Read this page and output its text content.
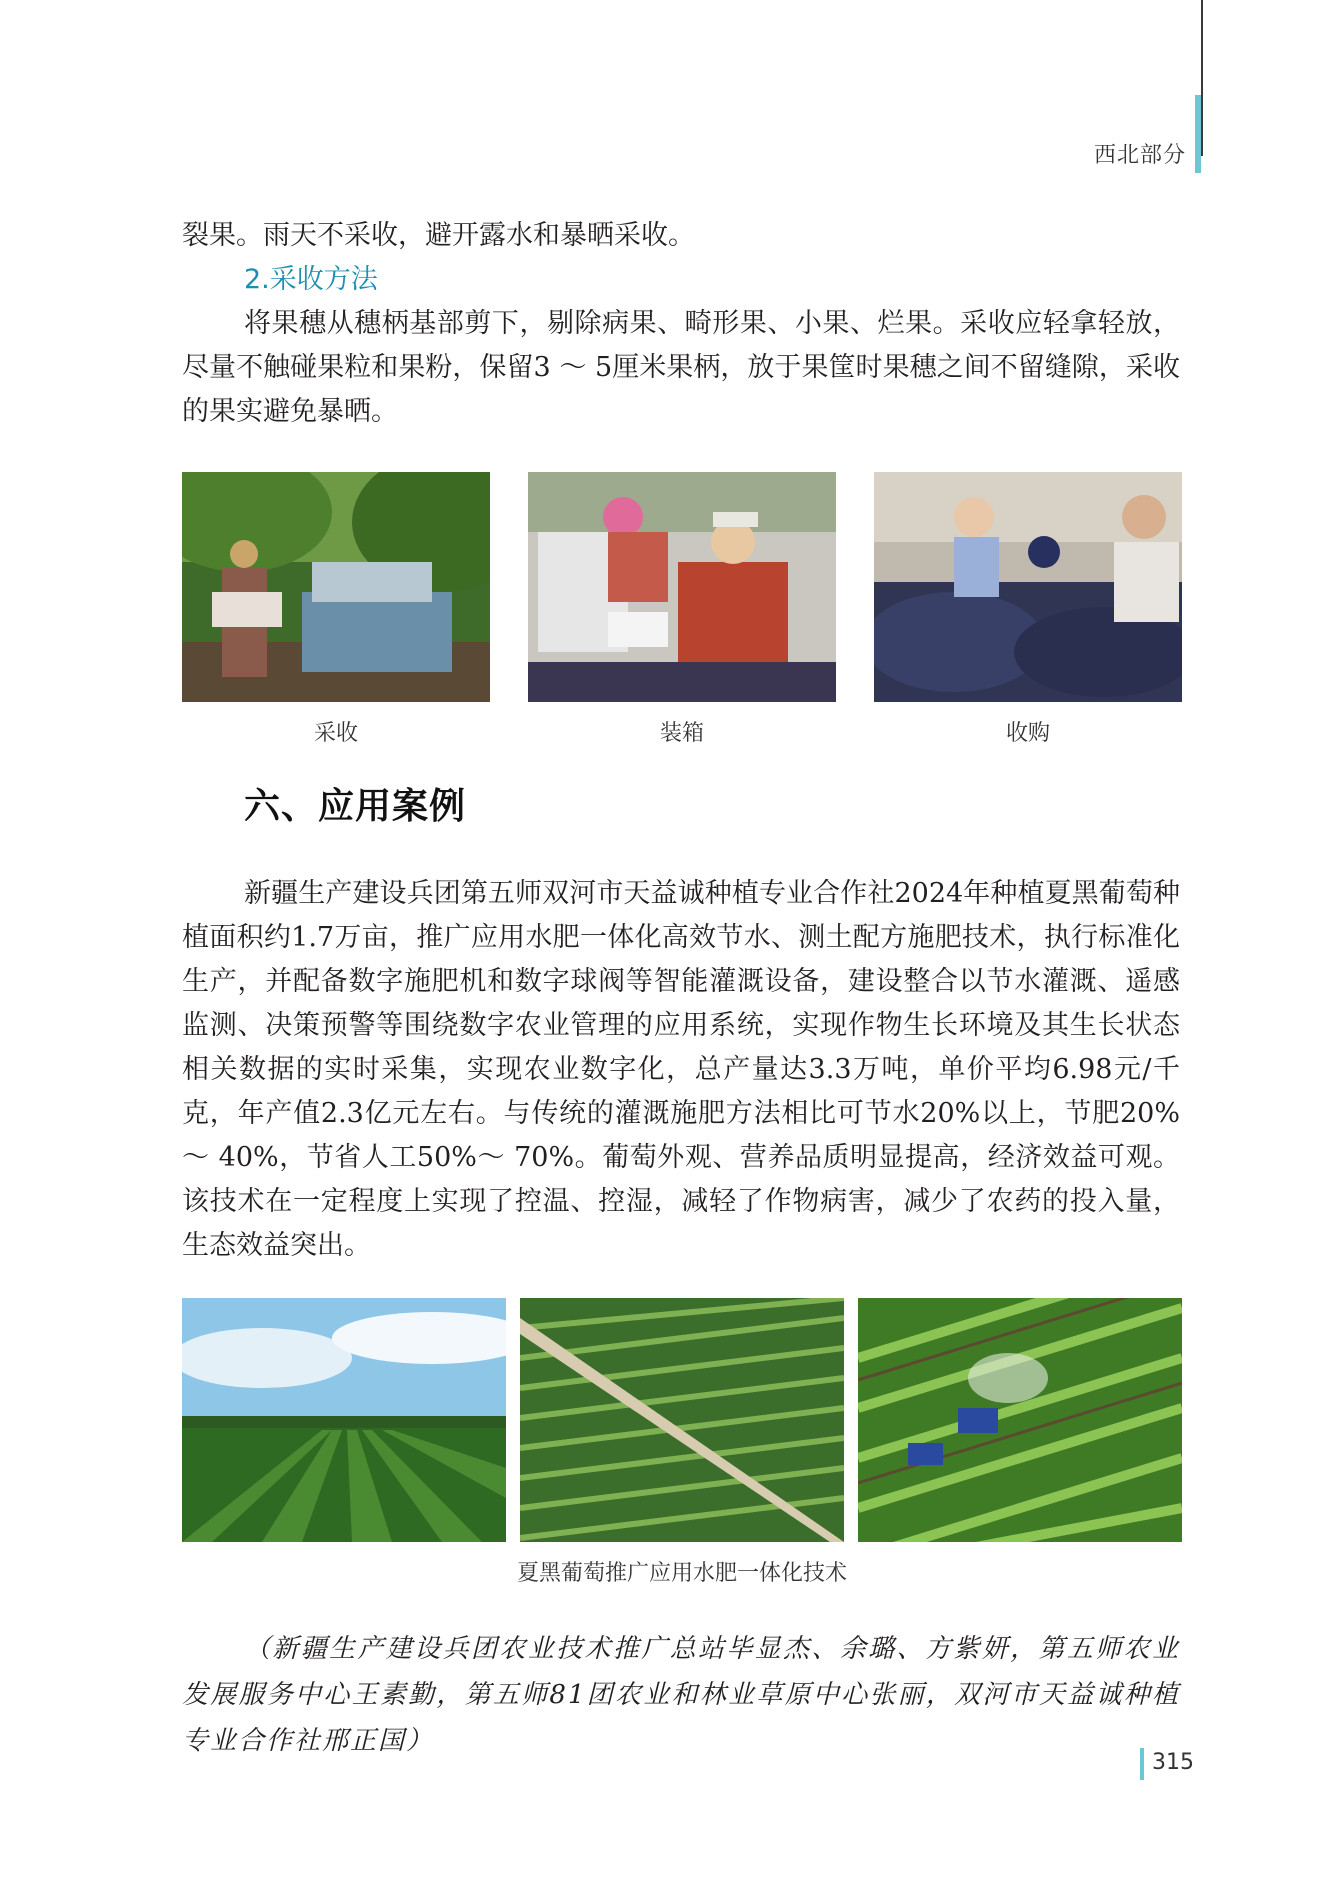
西北部分
裂果。雨天不采收，避开露水和暴晒采收。
2.采收方法
将果穗从穗柄基部剪下，剔除病果、畸形果、小果、烂果。采收应轻拿轻放，尽量不触碰果粒和果粉，保留3 ～ 5厘米果柄，放于果筐时果穗之间不留缝隙，采收的果实避免暴晒。
采收	装箱	收购
六、应用案例
新疆生产建设兵团第五师双河市天益诚种植专业合作社2024年种植夏黑葡萄种植面积约1.7万亩，推广应用水肥一体化高效节水、测土配方施肥技术，执行标准化生产，并配备数字施肥机和数字球阀等智能灌溉设备，建设整合以节水灌溉、遥感监测、决策预警等围绕数字农业管理的应用系统，实现作物生长环境及其生长状态相关数据的实时采集，实现农业数字化，总产量达3.3万吨，单价平均6.98元/千克，年产值2.3亿元左右。与传统的灌溉施肥方法相比可节水20%以上，节肥20%～ 40%，节省人工50%～ 70%。葡萄外观、营养品质明显提高，经济效益可观。该技术在一定程度上实现了控温、控湿，减轻了作物病害，减少了农药的投入量，生态效益突出。
夏黑葡萄推广应用水肥一体化技术
（新疆生产建设兵团农业技术推广总站毕显杰、余璐、方紫妍，第五师农业发展服务中心王素勤，第五师81团农业和林业草原中心张丽，双河市天益诚种植专业合作社邢正国）
315
